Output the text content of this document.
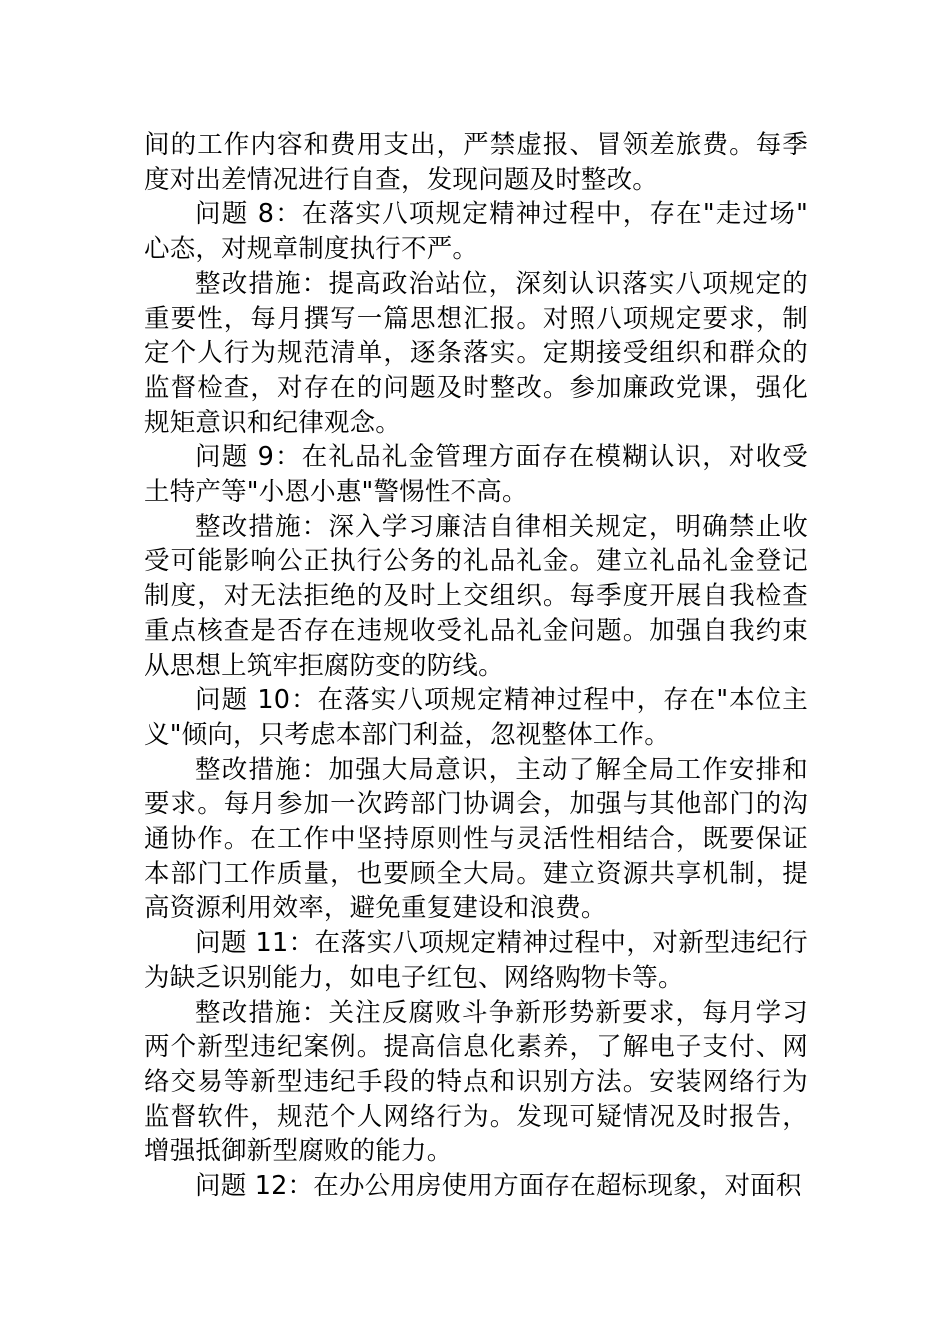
间的工作内容和费用支出，严禁虚报、冒领差旅费。每季度对出差情况进行自查，发现问题及时整改。

问题 8：在落实八项规定精神过程中，存在"走过场"心态，对规章制度执行不严。

整改措施：提高政治站位，深刻认识落实八项规定的重要性，每月撰写一篇思想汇报。对照八项规定要求，制定个人行为规范清单，逐条落实。定期接受组织和群众的监督检查，对存在的问题及时整改。参加廉政党课，强化规矩意识和纪律观念。

问题 9：在礼品礼金管理方面存在模糊认识，对收受土特产等"小恩小惠"警惕性不高。

整改措施：深入学习廉洁自律相关规定，明确禁止收受可能影响公正执行公务的礼品礼金。建立礼品礼金登记制度，对无法拒绝的及时上交组织。每季度开展自我检查重点核查是否存在违规收受礼品礼金问题。加强自我约束从思想上筑牢拒腐防变的防线。

问题 10：在落实八项规定精神过程中，存在"本位主义"倾向，只考虑本部门利益，忽视整体工作。

整改措施：加强大局意识，主动了解全局工作安排和要求。每月参加一次跨部门协调会，加强与其他部门的沟通协作。在工作中坚持原则性与灵活性相结合，既要保证本部门工作质量，也要顾全大局。建立资源共享机制，提高资源利用效率，避免重复建设和浪费。

问题 11：在落实八项规定精神过程中，对新型违纪行为缺乏识别能力，如电子红包、网络购物卡等。

整改措施：关注反腐败斗争新形势新要求，每月学习两个新型违纪案例。提高信息化素养，了解电子支付、网络交易等新型违纪手段的特点和识别方法。安装网络行为监督软件，规范个人网络行为。发现可疑情况及时报告，增强抵御新型腐败的能力。

问题 12：在办公用房使用方面存在超标现象，对面积
